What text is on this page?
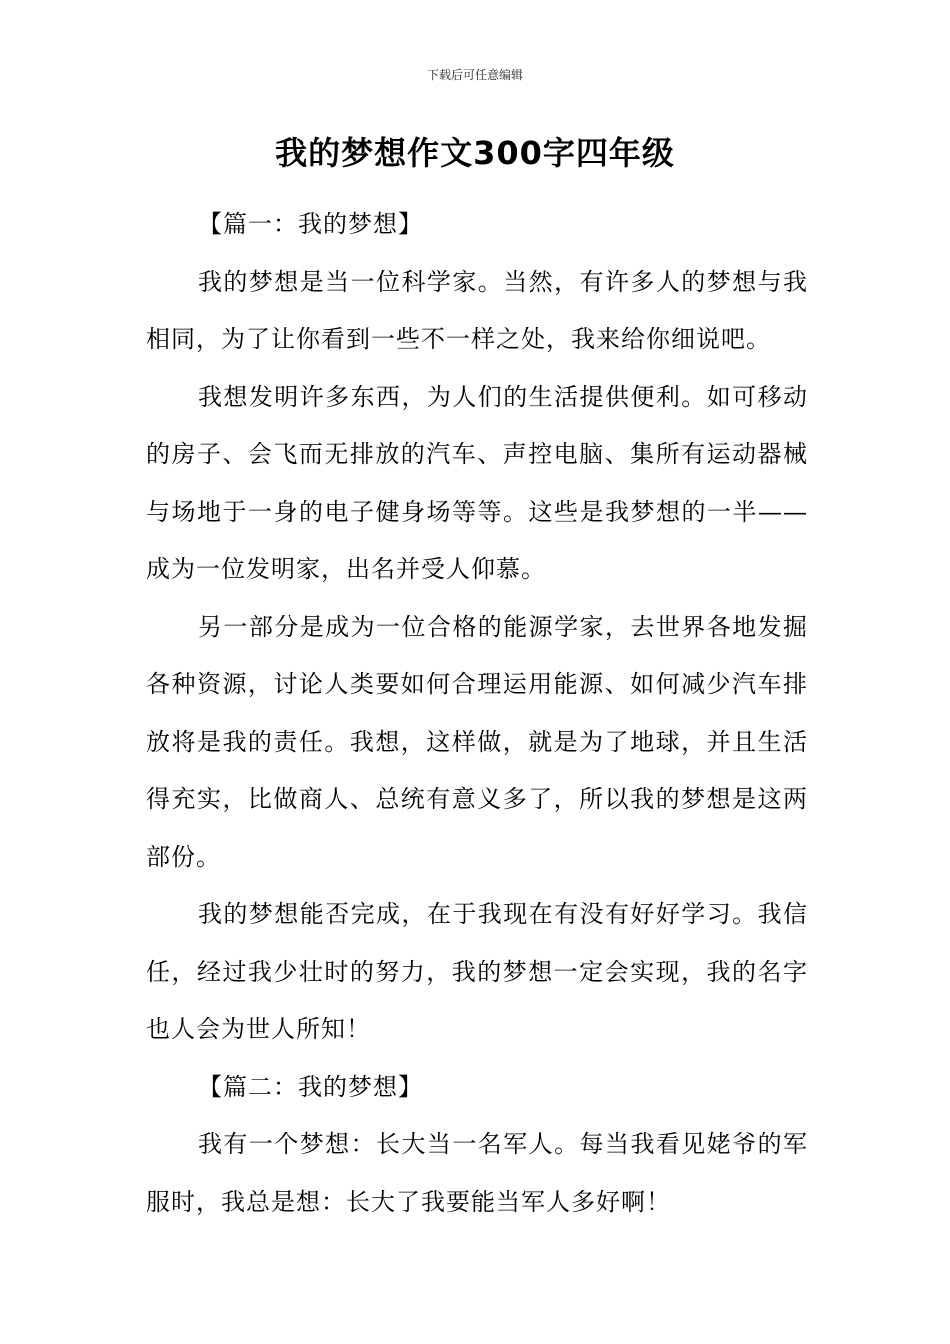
下载后可任意编辑
我的梦想作文300字四年级

【篇一：我的梦想】

我的梦想是当一位科学家。当然，有许多人的梦想与我相同，为了让你看到一些不一样之处，我来给你细说吧。

我想发明许多东西，为人们的生活提供便利。如可移动的房子、会飞而无排放的汽车、声控电脑、集所有运动器械与场地于一身的电子健身场等等。这些是我梦想的一半——成为一位发明家，出名并受人仰慕。

另一部分是成为一位合格的能源学家，去世界各地发掘各种资源，讨论人类要如何合理运用能源、如何减少汽车排放将是我的责任。我想，这样做，就是为了地球，并且生活得充实，比做商人、总统有意义多了，所以我的梦想是这两部份。

我的梦想能否完成，在于我现在有没有好好学习。我信任，经过我少壮时的努力，我的梦想一定会实现，我的名字也人会为世人所知！

【篇二：我的梦想】

我有一个梦想：长大当一名军人。每当我看见姥爷的军服时，我总是想：长大了我要能当军人多好啊！
